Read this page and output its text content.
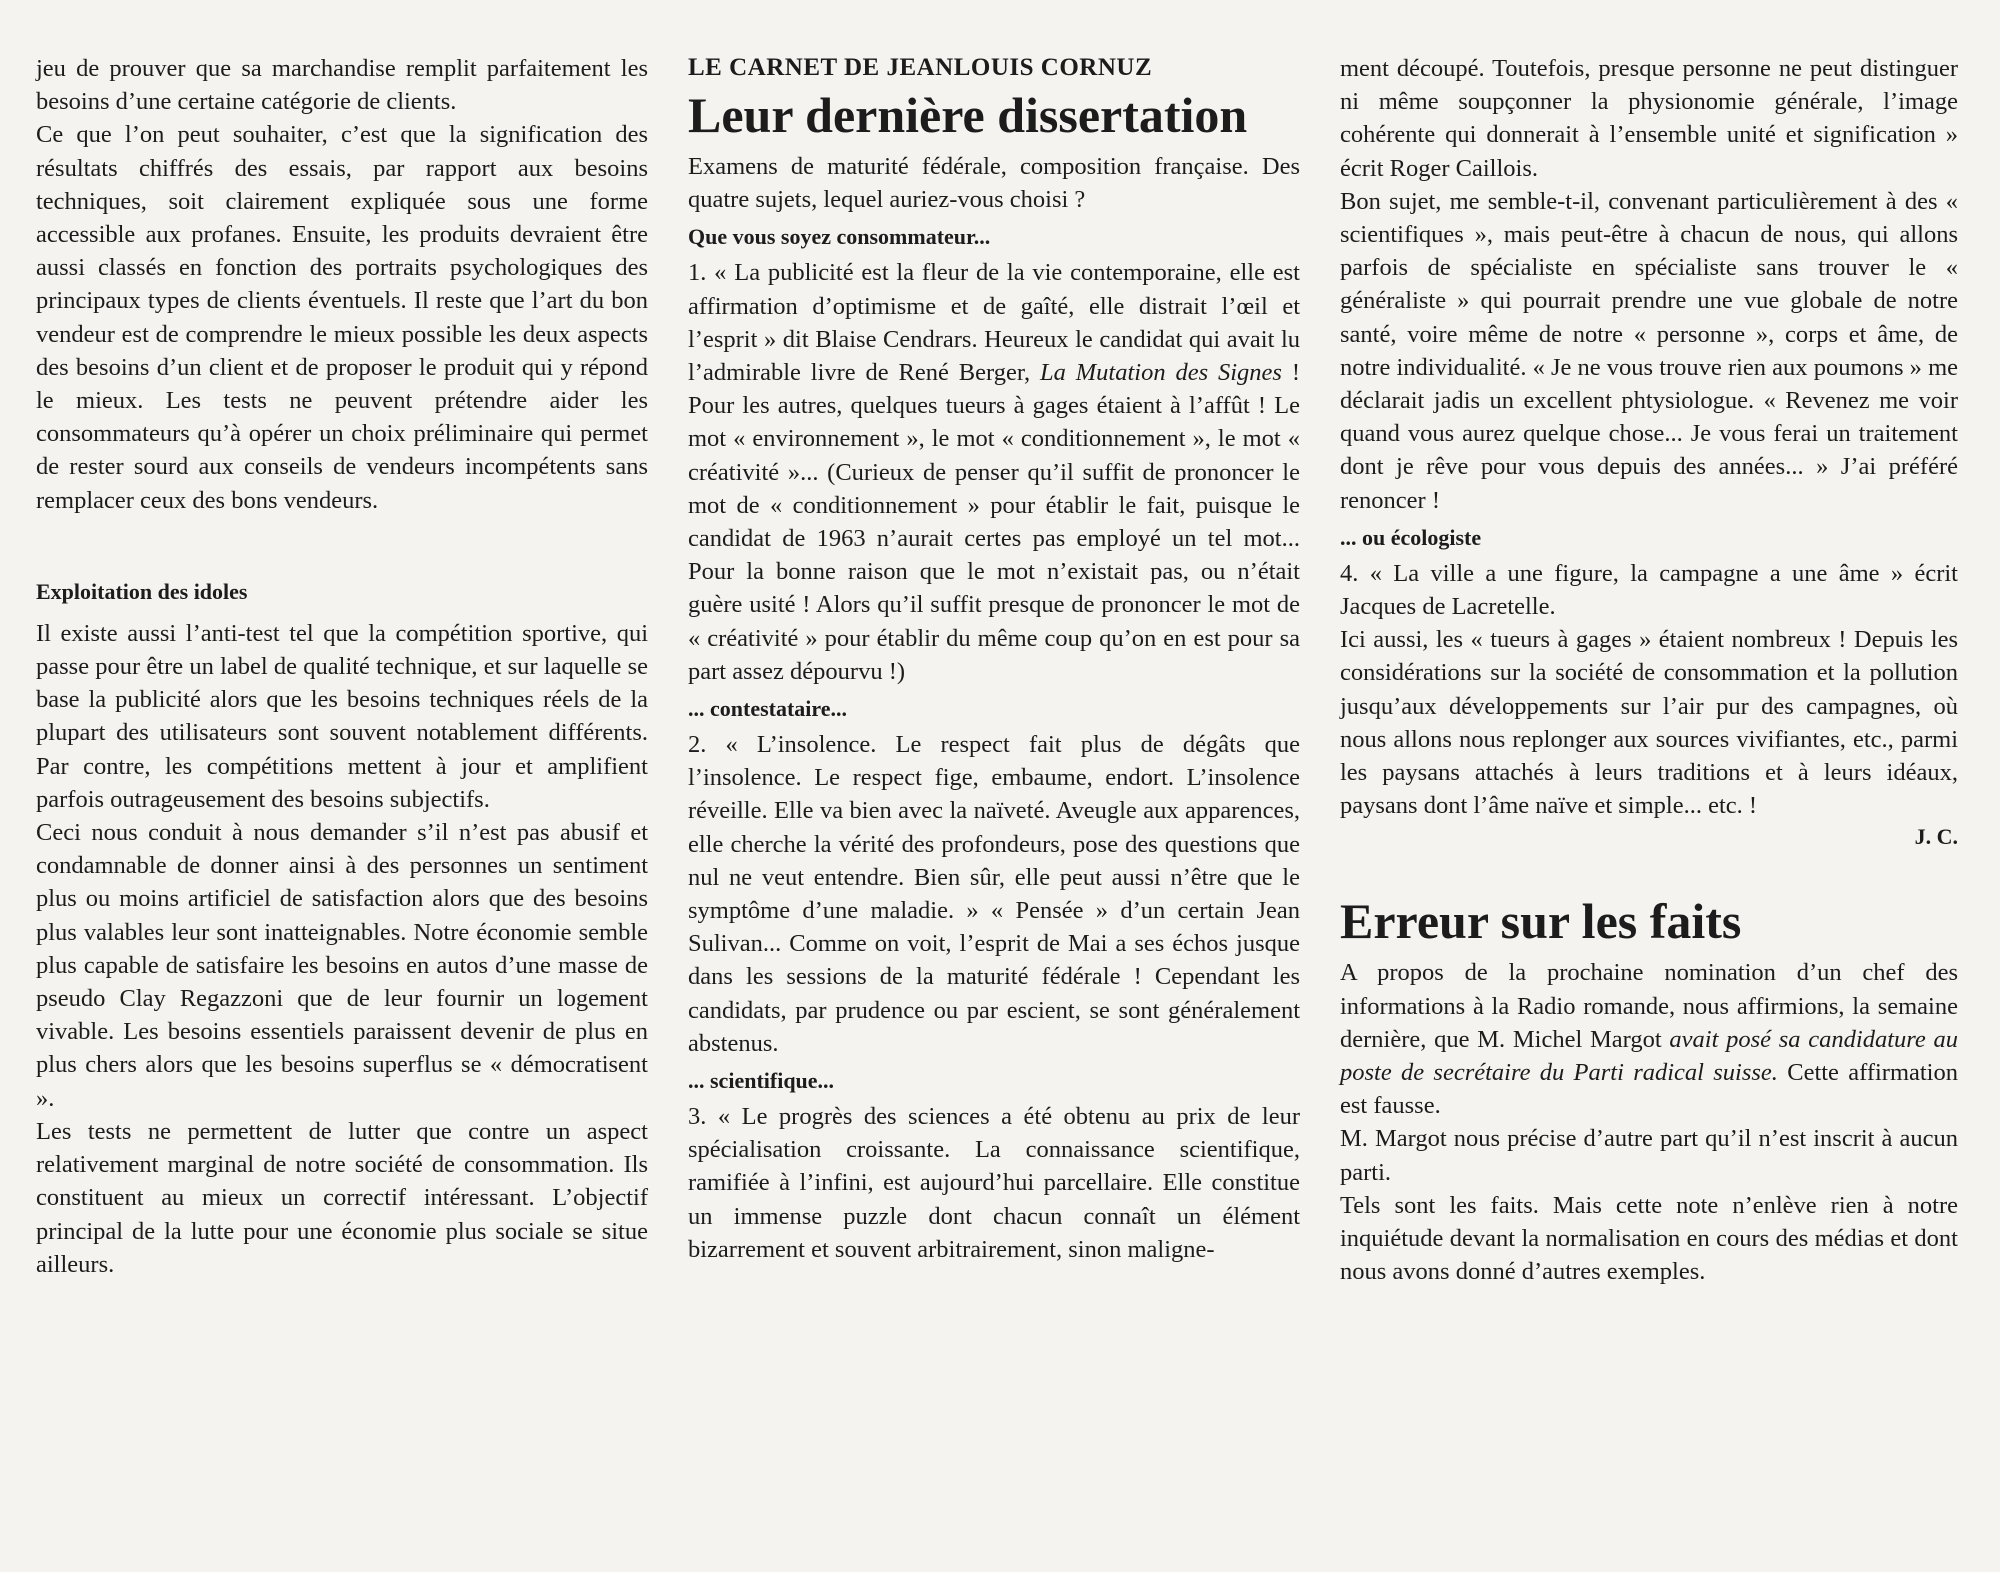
jeu de prouver que sa marchandise remplit parfaitement les besoins d’une certaine catégorie de clients.

Ce que l’on peut souhaiter, c’est que la signification des résultats chiffrés des essais, par rapport aux besoins techniques, soit clairement expliquée sous une forme accessible aux profanes. Ensuite, les produits devraient être aussi classés en fonction des portraits psychologiques des principaux types de clients éventuels. Il reste que l’art du bon vendeur est de comprendre le mieux possible les deux aspects des besoins d’un client et de proposer le produit qui y répond le mieux. Les tests ne peuvent prétendre aider les consommateurs qu’à opérer un choix préliminaire qui permet de rester sourd aux conseils de vendeurs incompétents sans remplacer ceux des bons vendeurs.

Exploitation des idoles

Il existe aussi l’anti-test tel que la compétition sportive, qui passe pour être un label de qualité technique, et sur laquelle se base la publicité alors que les besoins techniques réels de la plupart des utilisateurs sont souvent notablement différents. Par contre, les compétitions mettent à jour et amplifient parfois outrageusement des besoins subjectifs.

Ceci nous conduit à nous demander s’il n’est pas abusif et condamnable de donner ainsi à des personnes un sentiment plus ou moins artificiel de satisfaction alors que des besoins plus valables leur sont inatteignables. Notre économie semble plus capable de satisfaire les besoins en autos d’une masse de pseudo Clay Regazzoni que de leur fournir un logement vivable. Les besoins essentiels paraissent devenir de plus en plus chers alors que les besoins superflus se « démocratisent ».

Les tests ne permettent de lutter que contre un aspect relativement marginal de notre société de consommation. Ils constituent au mieux un correctif intéressant. L’objectif principal de la lutte pour une économie plus sociale se situe ailleurs.

LE CARNET DE JEANLOUIS CORNUZ
Leur dernière dissertation

Examens de maturité fédérale, composition française. Des quatre sujets, lequel auriez-vous choisi ?

Que vous soyez consommateur...

1. « La publicité est la fleur de la vie contemporaine, elle est affirmation d’optimisme et de gaîté, elle distrait l’œil et l’esprit » dit Blaise Cendrars. Heureux le candidat qui avait lu l’admirable livre de René Berger, La Mutation des Signes ! Pour les autres, quelques tueurs à gages étaient à l’affût ! Le mot « environnement », le mot « conditionnement », le mot « créativité »... (Curieux de penser qu’il suffit de prononcer le mot de « conditionnement » pour établir le fait, puisque le candidat de 1963 n’aurait certes pas employé un tel mot... Pour la bonne raison que le mot n’existait pas, ou n’était guère usité ! Alors qu’il suffit presque de prononcer le mot de « créativité » pour établir du même coup qu’on en est pour sa part assez dépourvu !)

... contestataire...

2. « L’insolence. Le respect fait plus de dégâts que l’insolence. Le respect fige, embaume, endort. L’insolence réveille. Elle va bien avec la naïveté. Aveugle aux apparences, elle cherche la vérité des profondeurs, pose des questions que nul ne veut entendre. Bien sûr, elle peut aussi n’être que le symptôme d’une maladie. » « Pensée » d’un certain Jean Sulivan... Comme on voit, l’esprit de Mai a ses échos jusque dans les sessions de la maturité fédérale ! Cependant les candidats, par prudence ou par escient, se sont généralement abstenus.

... scientifique...

3. « Le progrès des sciences a été obtenu au prix de leur spécialisation croissante. La connaissance scientifique, ramifiée à l’infini, est aujourd’hui parcellaire. Elle constitue un immense puzzle dont chacun connaît un élément bizarrement et souvent arbitrairement, sinon maligne-

ment découpé. Toutefois, presque personne ne peut distinguer ni même soupçonner la physionomie générale, l’image cohérente qui donnerait à l’ensemble unité et signification » écrit Roger Caillois.

Bon sujet, me semble-t-il, convenant particulièrement à des « scientifiques », mais peut-être à chacun de nous, qui allons parfois de spécialiste en spécialiste sans trouver le « généraliste » qui pourrait prendre une vue globale de notre santé, voire même de notre « personne », corps et âme, de notre individualité. « Je ne vous trouve rien aux poumons » me déclarait jadis un excellent phtysiologue. « Revenez me voir quand vous aurez quelque chose... Je vous ferai un traitement dont je rêve pour vous depuis des années... » J’ai préféré renoncer !

... ou écologiste

4. « La ville a une figure, la campagne a une âme » écrit Jacques de Lacretelle.

Ici aussi, les « tueurs à gages » étaient nombreux ! Depuis les considérations sur la société de consommation et la pollution jusqu’aux développements sur l’air pur des campagnes, où nous allons nous replonger aux sources vivifiantes, etc., parmi les paysans attachés à leurs traditions et à leurs idéaux, paysans dont l’âme naïve et simple... etc. !

J. C.
Erreur sur les faits

A propos de la prochaine nomination d’un chef des informations à la Radio romande, nous affirmions, la semaine dernière, que M. Michel Margot avait posé sa candidature au poste de secrétaire du Parti radical suisse. Cette affirmation est fausse.

M. Margot nous précise d’autre part qu’il n’est inscrit à aucun parti.

Tels sont les faits. Mais cette note n’enlève rien à notre inquiétude devant la normalisation en cours des médias et dont nous avons donné d’autres exemples.
